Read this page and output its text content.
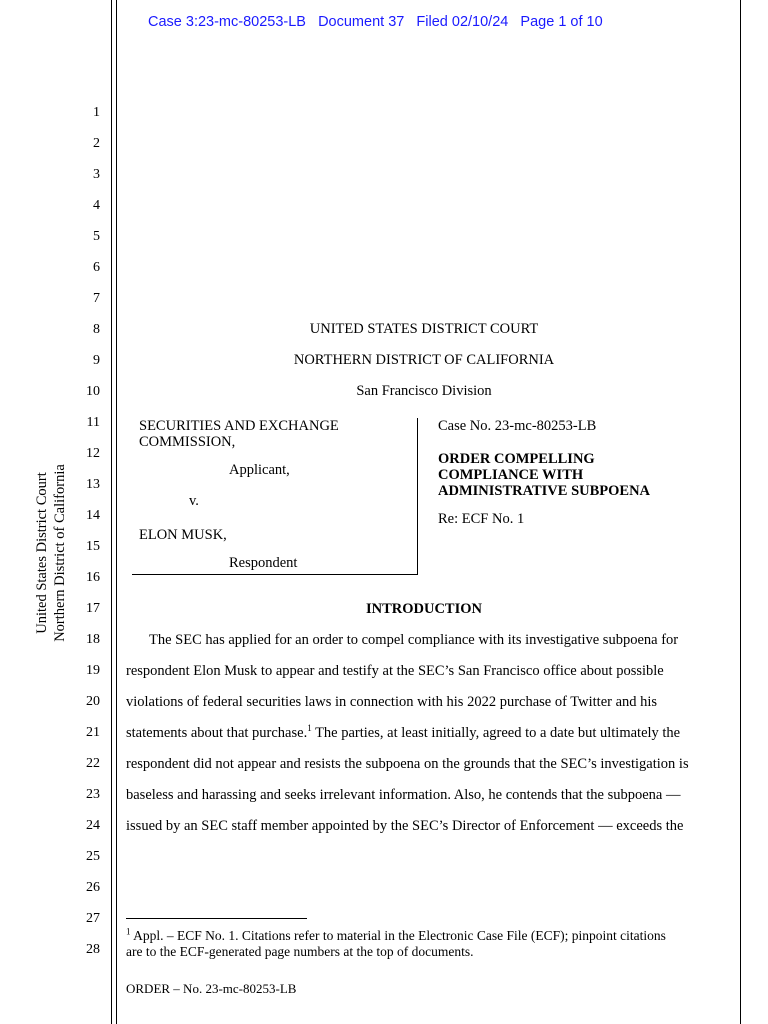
Case 3:23-mc-80253-LB Document 37 Filed 02/10/24 Page 1 of 10
1
2
3
4
5
6
7
8
9
10
11
12
13
14
15
16
17
18
19
20
21
22
23
24
25
26
27
28
United States District Court Northern District of California
UNITED STATES DISTRICT COURT
NORTHERN DISTRICT OF CALIFORNIA
San Francisco Division
SECURITIES AND EXCHANGE
COMMISSION,
Applicant,
v.
ELON MUSK,
Respondent
Case No. 23-mc-80253-LB
ORDER COMPELLING
COMPLIANCE WITH
ADMINISTRATIVE SUBPOENA
Re: ECF No. 1
INTRODUCTION
The SEC has applied for an order to compel compliance with its investigative subpoena for
respondent Elon Musk to appear and testify at the SEC’s San Francisco office about possible
violations of federal securities laws in connection with his 2022 purchase of Twitter and his
statements about that purchase.$^1$ The parties, at least initially, agreed to a date but ultimately the
respondent did not appear and resists the subpoena on the grounds that the SEC’s investigation is
baseless and harassing and seeks irrelevant information. Also, he contends that the subpoena —
issued by an SEC staff member appointed by the SEC’s Director of Enforcement — exceeds the
$^1$ Appl. – ECF No. 1. Citations refer to material in the Electronic Case File (ECF); pinpoint citations
are to the ECF-generated page numbers at the top of documents.
ORDER – No. 23-mc-80253-LB
